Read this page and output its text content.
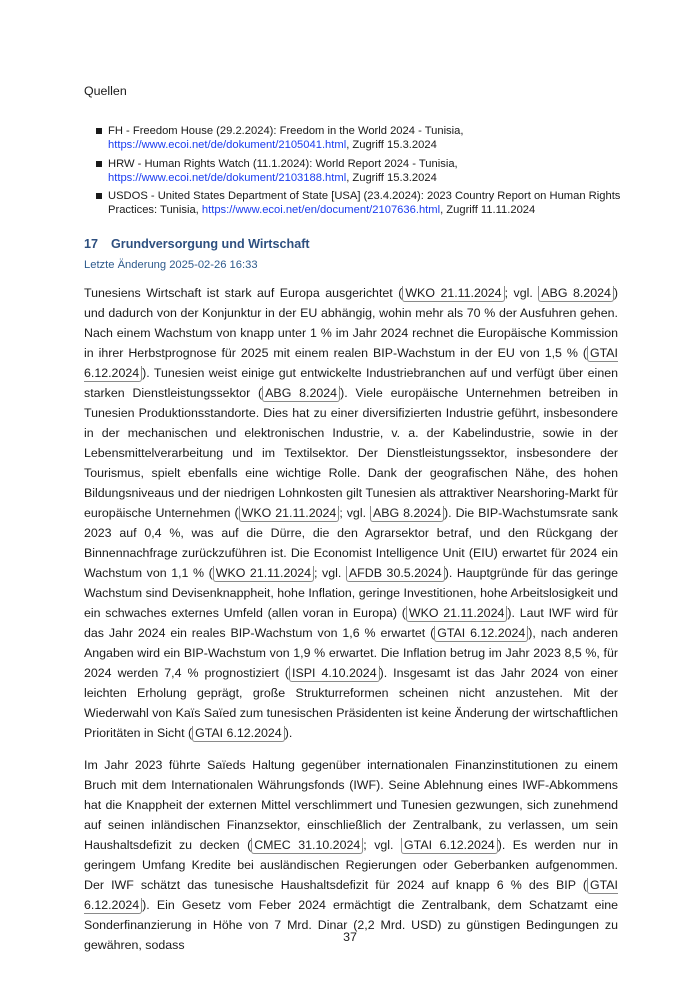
Quellen
FH - Freedom House (29.2.2024): Freedom in the World 2024 - Tunisia, https://www.ecoi.net/de/dokument/2105041.html, Zugriff 15.3.2024
HRW - Human Rights Watch (11.1.2024): World Report 2024 - Tunisia, https://www.ecoi.net/de/dokument/2103188.html, Zugriff 15.3.2024
USDOS - United States Department of State [USA] (23.4.2024): 2023 Country Report on Human Rights Practices: Tunisia, https://www.ecoi.net/en/document/2107636.html, Zugriff 11.11.2024
17 Grundversorgung und Wirtschaft
Letzte Änderung 2025-02-26 16:33

Tunesiens Wirtschaft ist stark auf Europa ausgerichtet ( WKO 21.11.2024 ; vgl. ABG 8.2024 ) und dadurch von der Konjunktur in der EU abhängig, wohin mehr als 70 % der Ausfuhren gehen. Nach einem Wachstum von knapp unter 1 % im Jahr 2024 rechnet die Europäische Kommission in ihrer Herbstprognose für 2025 mit einem realen BIP-Wachstum in der EU von 1,5 % ( GTAI 6.12.2024 ). Tunesien weist einige gut entwickelte Industriebranchen auf und verfügt über einen starken Dienstleistungssektor ( ABG 8.2024 ). Viele europäische Unternehmen betreiben in Tunesien Produktionsstandorte. Dies hat zu einer diversifizierten Industrie geführt, insbesondere in der mechanischen und elektronischen Industrie, v. a. der Kabelindustrie, sowie in der Lebensmittelverarbeitung und im Textilsektor. Der Dienstleistungssektor, insbesondere der Tourismus, spielt ebenfalls eine wichtige Rolle. Dank der geografischen Nähe, des hohen Bildungsniveaus und der niedrigen Lohnkosten gilt Tunesien als attraktiver Nearshoring-Markt für europäische Unternehmen ( WKO 21.11.2024 ; vgl. ABG 8.2024 ). Die BIP-Wachstumsrate sank 2023 auf 0,4 %, was auf die Dürre, die den Agrarsektor betraf, und den Rückgang der Binnennachfrage zurückzuführen ist. Die Economist Intelligence Unit (EIU) erwartet für 2024 ein Wachstum von 1,1 % ( WKO 21.11.2024 ; vgl. AFDB 30.5.2024 ). Hauptgründe für das geringe Wachstum sind Devisenknappheit, hohe Inflation, geringe Investitionen, hohe Arbeitslosigkeit und ein schwaches externes Umfeld (allen voran in Europa) ( WKO 21.11.2024 ). Laut IWF wird für das Jahr 2024 ein reales BIP-Wachstum von 1,6 % erwartet ( GTAI 6.12.2024 ), nach anderen Angaben wird ein BIP-Wachstum von 1,9 % erwartet. Die Inflation betrug im Jahr 2023 8,5 %, für 2024 werden 7,4 % prognostiziert ( ISPI 4.10.2024 ). Insgesamt ist das Jahr 2024 von einer leichten Erholung geprägt, große Strukturreformen scheinen nicht anzustehen. Mit der Wiederwahl von Kaïs Saïed zum tunesischen Präsidenten ist keine Änderung der wirtschaftlichen Prioritäten in Sicht ( GTAI 6.12.2024 ).

Im Jahr 2023 führte Saïeds Haltung gegenüber internationalen Finanzinstitutionen zu einem Bruch mit dem Internationalen Währungsfonds (IWF). Seine Ablehnung eines IWF-Abkommens hat die Knappheit der externen Mittel verschlimmert und Tunesien gezwungen, sich zunehmend auf seinen inländischen Finanzsektor, einschließlich der Zentralbank, zu verlassen, um sein Haushaltsdefizit zu decken ( CMEC 31.10.2024 ; vgl. GTAI 6.12.2024 ). Es werden nur in geringem Umfang Kredite bei ausländischen Regierungen oder Geberbanken aufgenommen. Der IWF schätzt das tunesische Haushaltsdefizit für 2024 auf knapp 6 % des BIP ( GTAI 6.12.2024 ). Ein Gesetz vom Feber 2024 ermächtigt die Zentralbank, dem Schatzamt eine Sonderfinanzierung in Höhe von 7 Mrd. Dinar (2,2 Mrd. USD) zu günstigen Bedingungen zu gewähren, sodass

37
